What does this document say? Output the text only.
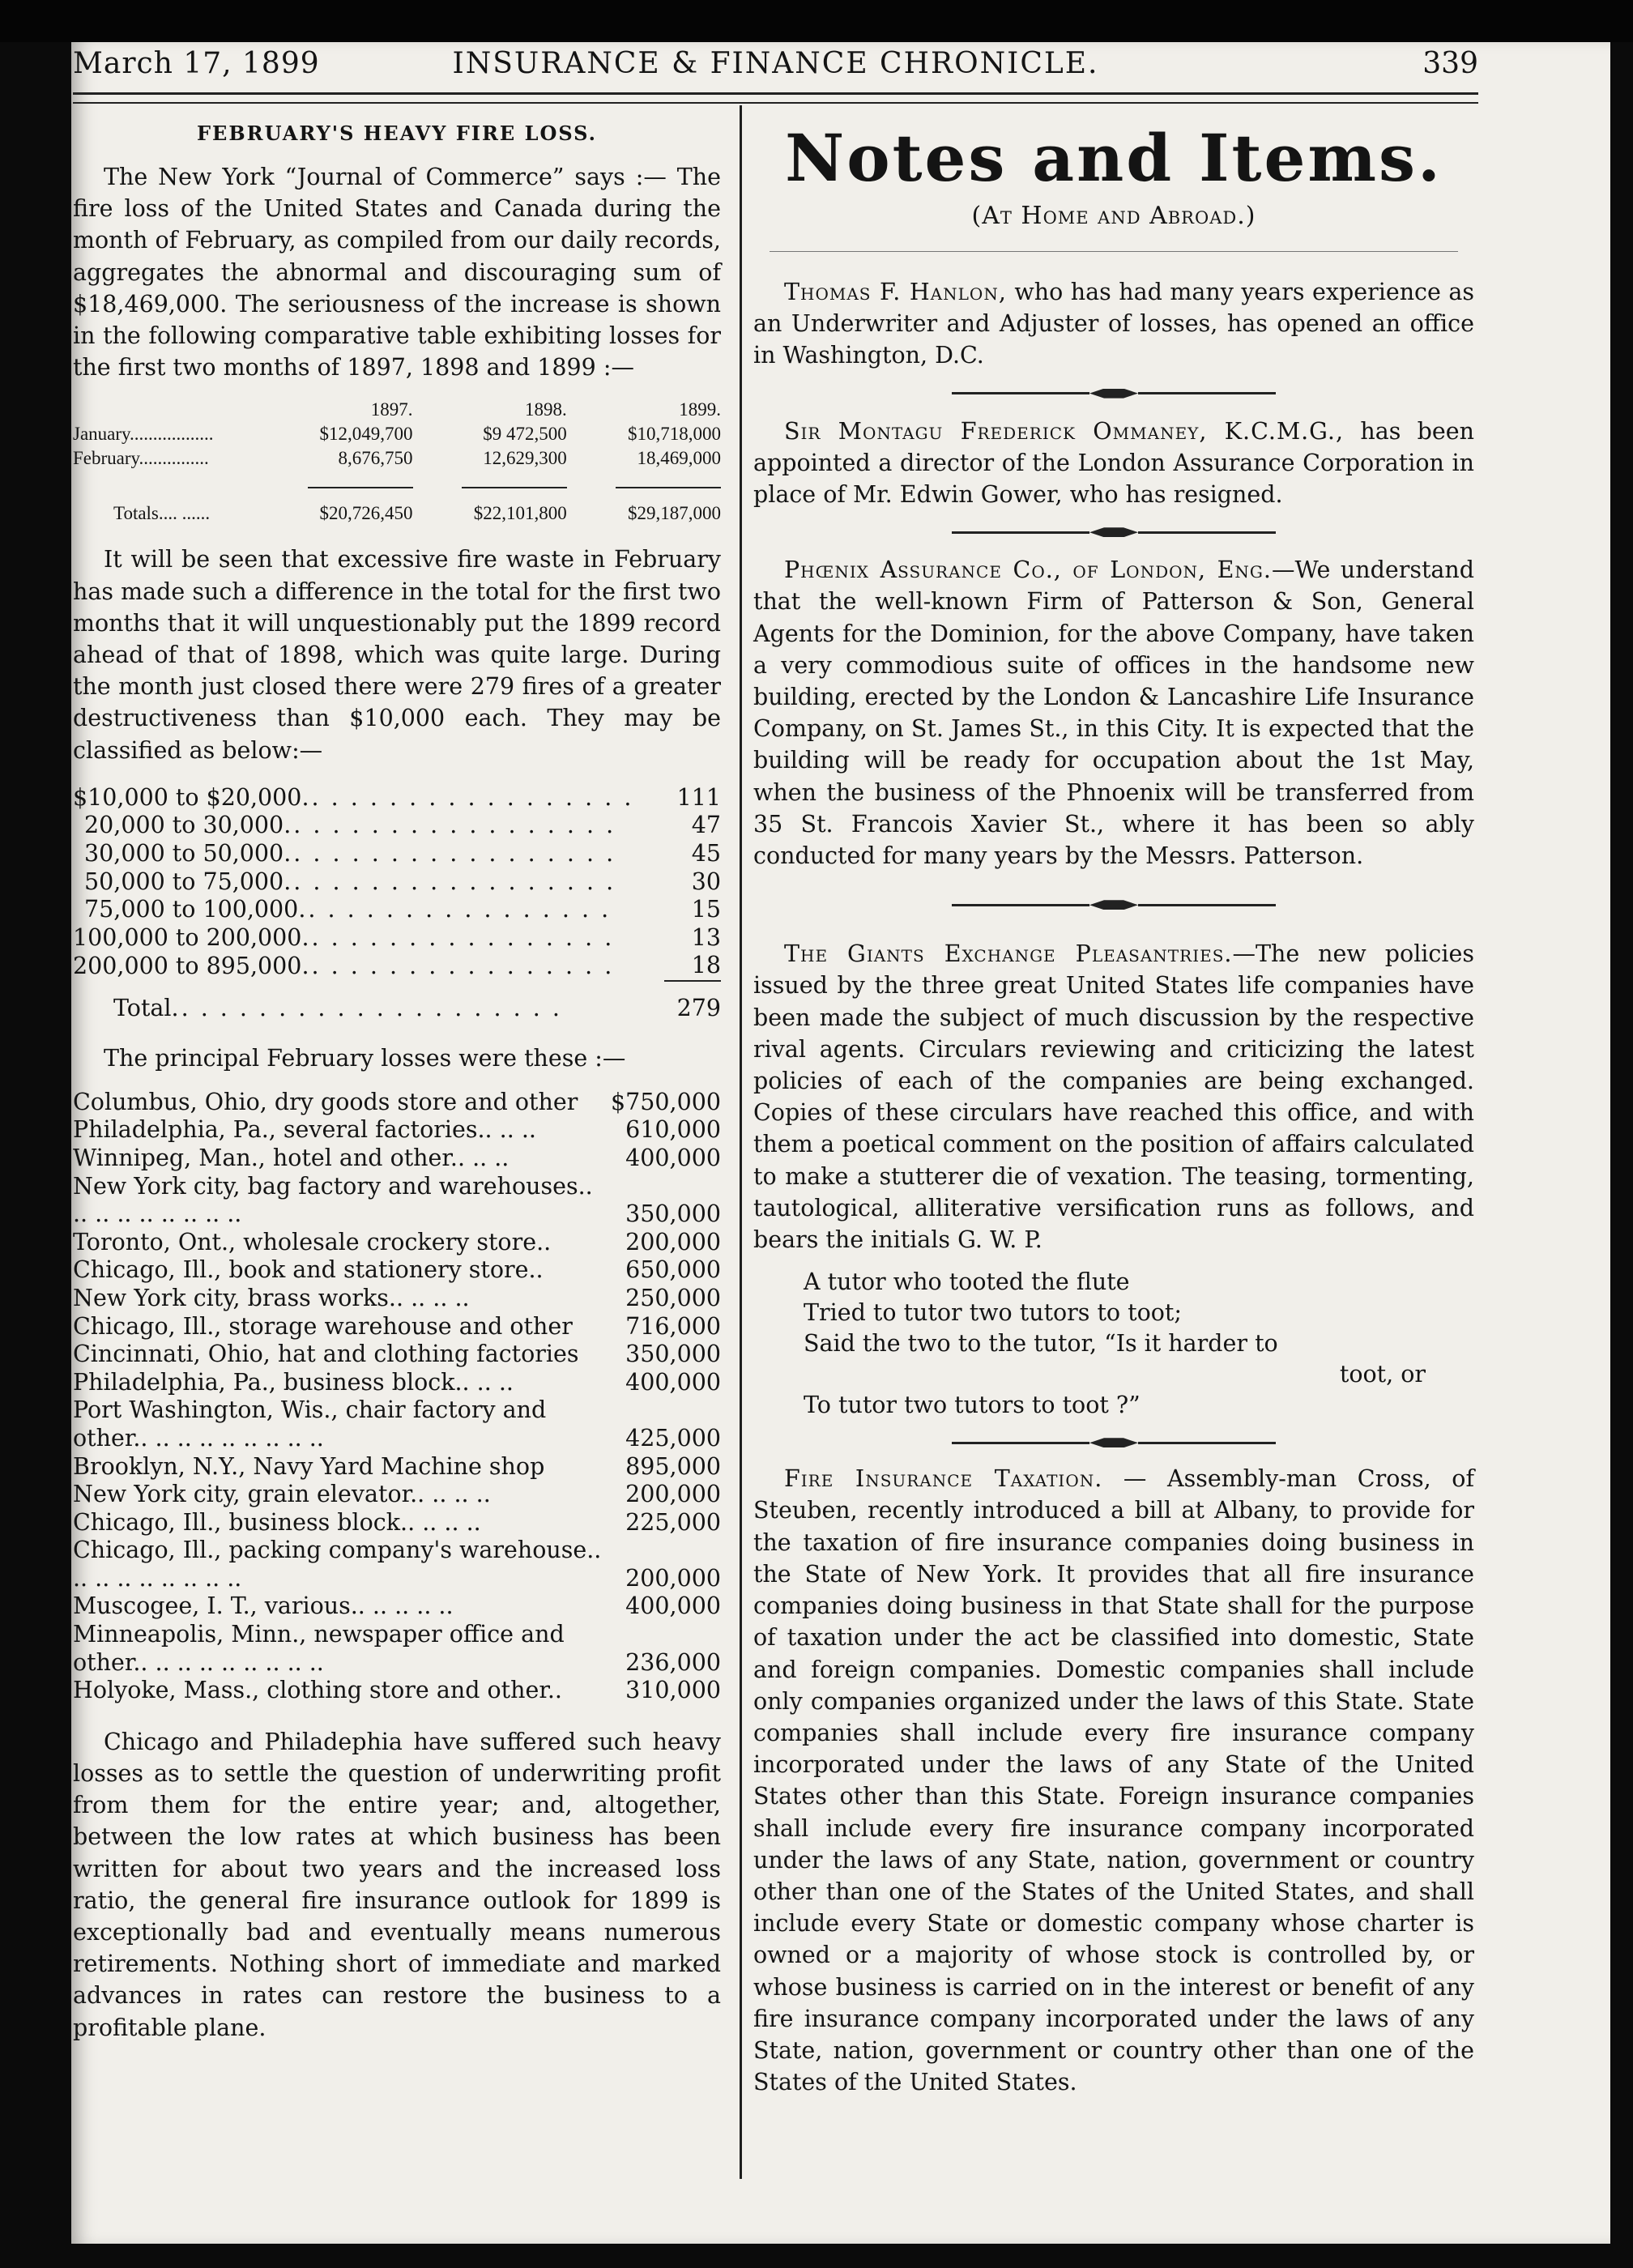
March 17, 1899	INSURANCE & FINANCE CHRONICLE.	339
FEBRUARY'S HEAVY FIRE LOSS.

The New York “Journal of Commerce” says :— The fire loss of the United States and Canada during the month of February, as compiled from our daily records, aggregates the abnormal and discouraging sum of $18,469,000. The seriousness of the increase is shown in the following comparative table exhibiting losses for the first two months of 1897, 1898 and 1899 :—

	1897.	1898.	1899.
January..................	$12,049,700	$9 472,500	$10,718,000
February...............	8,676,750	12,629,300	18,469,000

Totals.... ......	$20,726,450	$22,101,800	$29,187,000

It will be seen that excessive fire waste in February has made such a difference in the total for the first two months that it will unquestionably put the 1899 record ahead of that of 1898, which was quite large. During the month just closed there were 279 fires of a greater destructiveness than $10,000 each. They may be classified as below:—

$10,000 to $20,000.. . . . . . . . . . . . . . . . .	111
20,000 to 30,000.. . . . . . . . . . . . . . . . .	47
30,000 to 50,000.. . . . . . . . . . . . . . . . .	45
50,000 to 75,000.. . . . . . . . . . . . . . . . .	30
75,000 to 100,000.. . . . . . . . . . . . . . . .	15
100,000 to 200,000.. . . . . . . . . . . . . . . .	13
200,000 to 895,000.. . . . . . . . . . . . . . . .	18
Total.. . . . . . . . . . . . . . . . . . . .	279

The principal February losses were these :—

Columbus, Ohio, dry goods store and other	$750,000
Philadelphia, Pa., several factories.. .. ..	610,000
Winnipeg, Man., hotel and other.. .. ..	400,000
New York city, bag factory and warehouses.. .. .. .. .. .. .. .. ..	350,000
Toronto, Ont., wholesale crockery store..	200,000
Chicago, Ill., book and stationery store..	650,000
New York city, brass works.. .. .. ..	250,000
Chicago, Ill., storage warehouse and other	716,000
Cincinnati, Ohio, hat and clothing factories	350,000
Philadelphia, Pa., business block.. .. ..	400,000
Port Washington, Wis., chair factory and other.. .. .. .. .. .. .. .. ..	425,000
Brooklyn, N.Y., Navy Yard Machine shop	895,000
New York city, grain elevator.. .. .. ..	200,000
Chicago, Ill., business block.. .. .. ..	225,000
Chicago, Ill., packing company's warehouse.. .. .. .. .. .. .. .. ..	200,000
Muscogee, I. T., various.. .. .. .. ..	400,000
Minneapolis, Minn., newspaper office and other.. .. .. .. .. .. .. .. ..	236,000
Holyoke, Mass., clothing store and other..	310,000

Chicago and Philadephia have suffered such heavy losses as to settle the question of underwriting profit from them for the entire year; and, altogether, between the low rates at which business has been written for about two years and the increased loss ratio, the general fire insurance outlook for 1899 is exceptionally bad and eventually means numerous retirements. Nothing short of immediate and marked advances in rates can restore the business to a profitable plane.

Notes and Items.
(At Home and Abroad.)

Thomas F. Hanlon, who has had many years experience as an Underwriter and Adjuster of losses, has opened an office in Washington, D.C.

Sir Montagu Frederick Ommaney, K.C.M.G., has been appointed a director of the London Assurance Corporation in place of Mr. Edwin Gower, who has resigned.

Phœnix Assurance Co., of London, Eng.—We understand that the well-known Firm of Patterson & Son, General Agents for the Dominion, for the above Company, have taken a very commodious suite of offices in the handsome new building, erected by the London & Lancashire Life Insurance Company, on St. James St., in this City. It is expected that the building will be ready for occupation about the 1st May, when the business of the Phnoenix will be transferred from 35 St. Francois Xavier St., where it has been so ably conducted for many years by the Messrs. Patterson.

The Giants Exchange Pleasantries.—The new policies issued by the three great United States life companies have been made the subject of much discussion by the respective rival agents. Circulars reviewing and criticizing the latest policies of each of the companies are being exchanged. Copies of these circulars have reached this office, and with them a poetical comment on the position of affairs calculated to make a stutterer die of vexation. The teasing, tormenting, tautological, alliterative versification runs as follows, and bears the initials G. W. P.

A tutor who tooted the flute
Tried to tutor two tutors to toot;
Said the two to the tutor, “Is it harder to
toot, or
To tutor two tutors to toot ?”

Fire Insurance Taxation. — Assembly-man Cross, of Steuben, recently introduced a bill at Albany, to provide for the taxation of fire insurance companies doing business in the State of New York. It provides that all fire insurance companies doing business in that State shall for the purpose of taxation under the act be classified into domestic, State and foreign companies. Domestic companies shall include only companies organized under the laws of this State. State companies shall include every fire insurance company incorporated under the laws of any State of the United States other than this State. Foreign insurance companies shall include every fire insurance company incorporated under the laws of any State, nation, government or country other than one of the States of the United States, and shall include every State or domestic company whose charter is owned or a majority of whose stock is controlled by, or whose business is carried on in the interest or benefit of any fire insurance company incorporated under the laws of any State, nation, government or country other than one of the States of the United States.
